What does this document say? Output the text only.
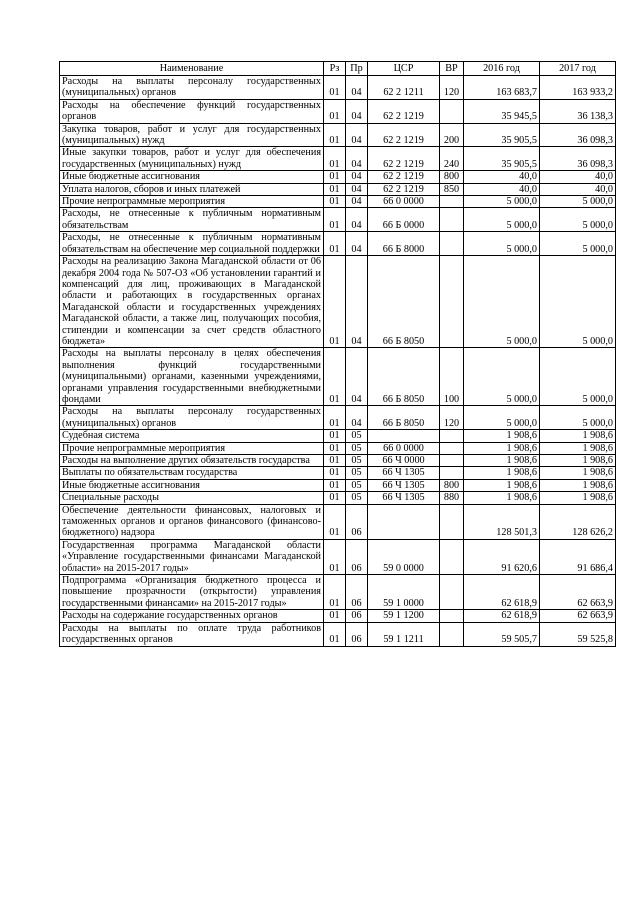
Наименование	Рз	Пр	ЦСР	ВР	2016 год	2017 год
Расходы на выплаты персоналу государственных (муниципальных) органов	01	04	62 2 1211	120	163 683,7	163 933,2
Расходы на обеспечение функций государственных органов	01	04	62 2 1219		35 945,5	36 138,3
Закупка товаров, работ и услуг для государственных (муниципальных) нужд	01	04	62 2 1219	200	35 905,5	36 098,3
Иные закупки товаров, работ и услуг для обеспечения государственных (муниципальных) нужд	01	04	62 2 1219	240	35 905,5	36 098,3
Иные бюджетные ассигнования	01	04	62 2 1219	800	40,0	40,0
Уплата налогов, сборов и иных платежей	01	04	62 2 1219	850	40,0	40,0
Прочие непрограммные мероприятия	01	04	66 0 0000		5 000,0	5 000,0
Расходы, не отнесенные к публичным нормативным обязательствам	01	04	66 Б 0000		5 000,0	5 000,0
Расходы, не отнесенные к публичным нормативным обязательствам на обеспечение мер социальной поддержки	01	04	66 Б 8000		5 000,0	5 000,0
Расходы на реализацию Закона Магаданской области от 06 декабря 2004 года № 507-ОЗ «Об установлении гарантий и компенсаций для лиц, проживающих в Магаданской области и работающих в государственных органах Магаданской области и государственных учреждениях Магаданской области, а также лиц, получающих пособия, стипендии и компенсации за счет средств областного бюджета»	01	04	66 Б 8050		5 000,0	5 000,0
Расходы на выплаты персоналу в целях обеспечения выполнения функций государственными (муниципальными) органами, казенными учреждениями, органами управления государственными внебюджетными фондами	01	04	66 Б 8050	100	5 000,0	5 000,0
Расходы на выплаты персоналу государственных (муниципальных) органов	01	04	66 Б 8050	120	5 000,0	5 000,0
Судебная система	01	05			1 908,6	1 908,6
Прочие непрограммные мероприятия	01	05	66 0 0000		1 908,6	1 908,6
Расходы на выполнение других обязательств государства	01	05	66 Ч 0000		1 908,6	1 908,6
Выплаты по обязательствам государства	01	05	66 Ч 1305		1 908,6	1 908,6
Иные бюджетные ассигнования	01	05	66 Ч 1305	800	1 908,6	1 908,6
Специальные расходы	01	05	66 Ч 1305	880	1 908,6	1 908,6
Обеспечение деятельности финансовых, налоговых и таможенных органов и органов финансового (финансово-бюджетного) надзора	01	06			128 501,3	128 626,2
Государственная программа Магаданской области «Управление государственными финансами Магаданской области» на 2015-2017 годы»	01	06	59 0 0000		91 620,6	91 686,4
Подпрограмма «Организация бюджетного процесса и повышение прозрачности (открытости) управления государственными финансами» на 2015-2017 годы»	01	06	59 1 0000		62 618,9	62 663,9
Расходы на содержание государственных органов	01	06	59 1 1200		62 618,9	62 663,9
Расходы на выплаты по оплате труда работников государственных органов	01	06	59 1 1211		59 505,7	59 525,8
